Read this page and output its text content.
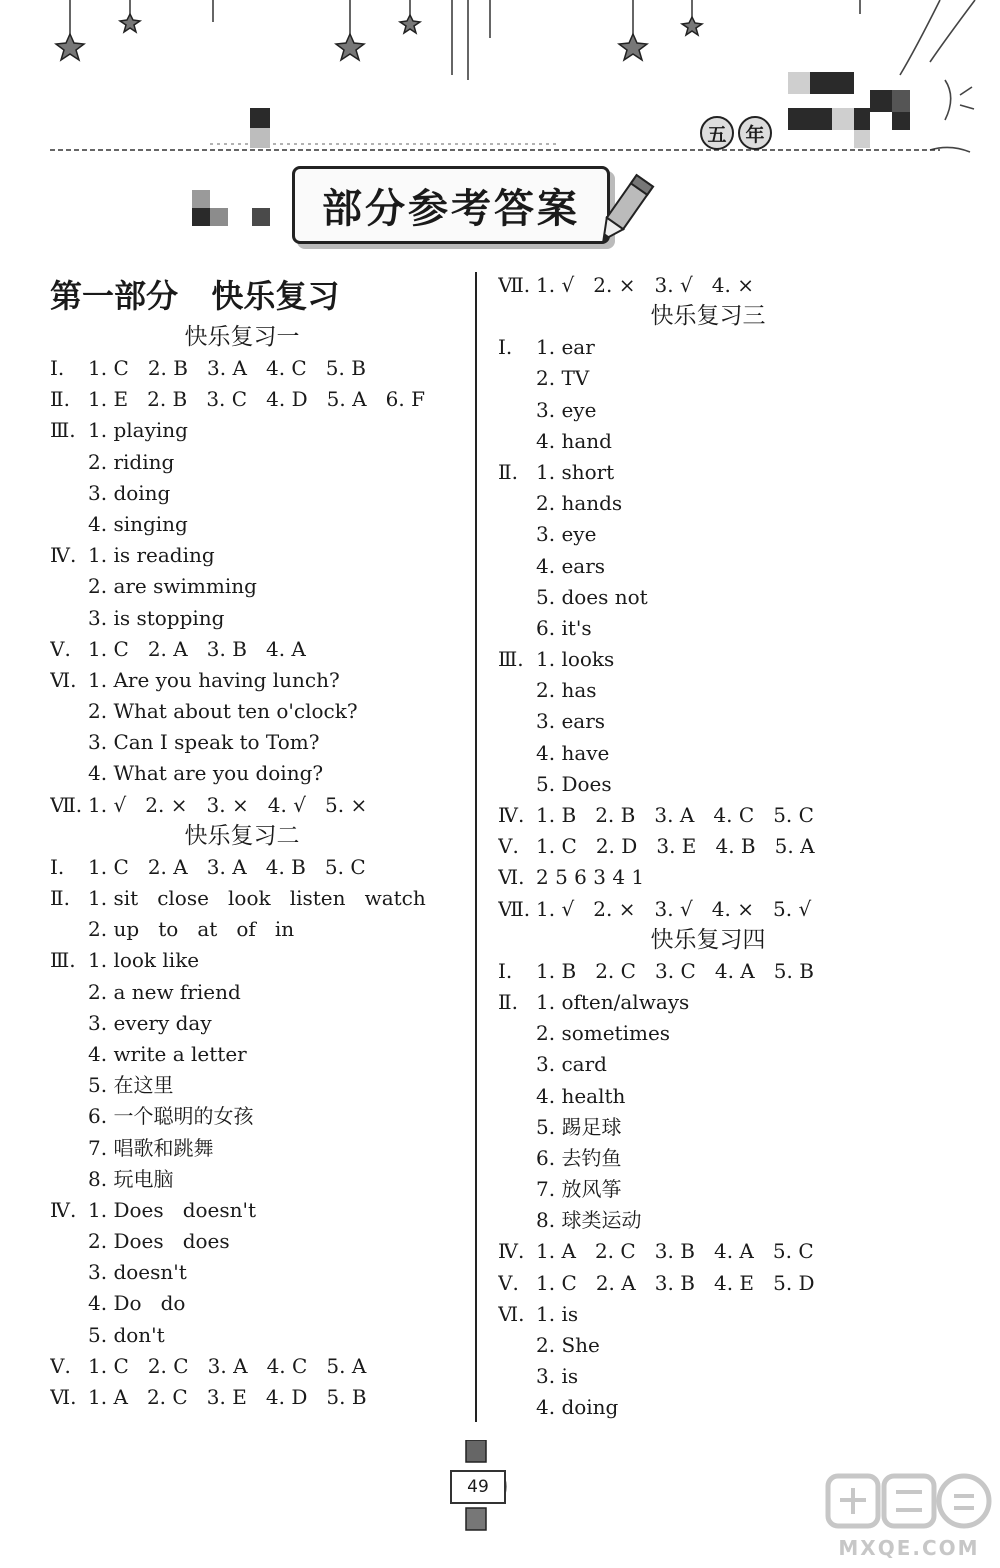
五 年
部分参考答案
第一部分   快乐复习
快乐复习一
Ⅰ. 1. C   2. B   3. A   4. C   5. B
Ⅱ. 1. E   2. B   3. C   4. D   5. A   6. F
Ⅲ. 1. playing
2. riding
3. doing
4. singing
Ⅳ. 1. is reading
2. are swimming
3. is stopping
Ⅴ. 1. C   2. A   3. B   4. A
Ⅵ. 1. Are you having lunch?
2. What about ten o'clock?
3. Can I speak to Tom?
4. What are you doing?
Ⅶ. 1. √   2. ×   3. ×   4. √   5. ×
快乐复习二
Ⅰ. 1. C   2. A   3. A   4. B   5. C
Ⅱ. 1. sit   close   look   listen   watch
2. up   to   at   of   in
Ⅲ. 1. look like
2. a new friend
3. every day
4. write a letter
5. 在这里
6. 一个聪明的女孩
7. 唱歌和跳舞
8. 玩电脑
Ⅳ. 1. Does   doesn't
2. Does   does
3. doesn't
4. Do   do
5. don't
Ⅴ. 1. C   2. C   3. A   4. C   5. A
Ⅵ. 1. A   2. C   3. E   4. D   5. B
Ⅶ. 1. √   2. ×   3. √   4. ×
快乐复习三
Ⅰ. 1. ear
2. TV
3. eye
4. hand
Ⅱ. 1. short
2. hands
3. eye
4. ears
5. does not
6. it's
Ⅲ. 1. looks
2. has
3. ears
4. have
5. Does
Ⅳ. 1. B   2. B   3. A   4. C   5. C
Ⅴ. 1. C   2. D   3. E   4. B   5. A
Ⅵ. 2 5 6 3 4 1
Ⅶ. 1. √   2. ×   3. √   4. ×   5. √
快乐复习四
Ⅰ. 1. B   2. C   3. C   4. A   5. B
Ⅱ. 1. often/always
2. sometimes
3. card
4. health
5. 踢足球
6. 去钓鱼
7. 放风筝
8. 球类运动
Ⅳ. 1. A   2. C   3. B   4. A   5. C
Ⅴ. 1. C   2. A   3. B   4. E   5. D
Ⅵ. 1. is
2. She
3. is
4. doing
49
MXQE.COM
